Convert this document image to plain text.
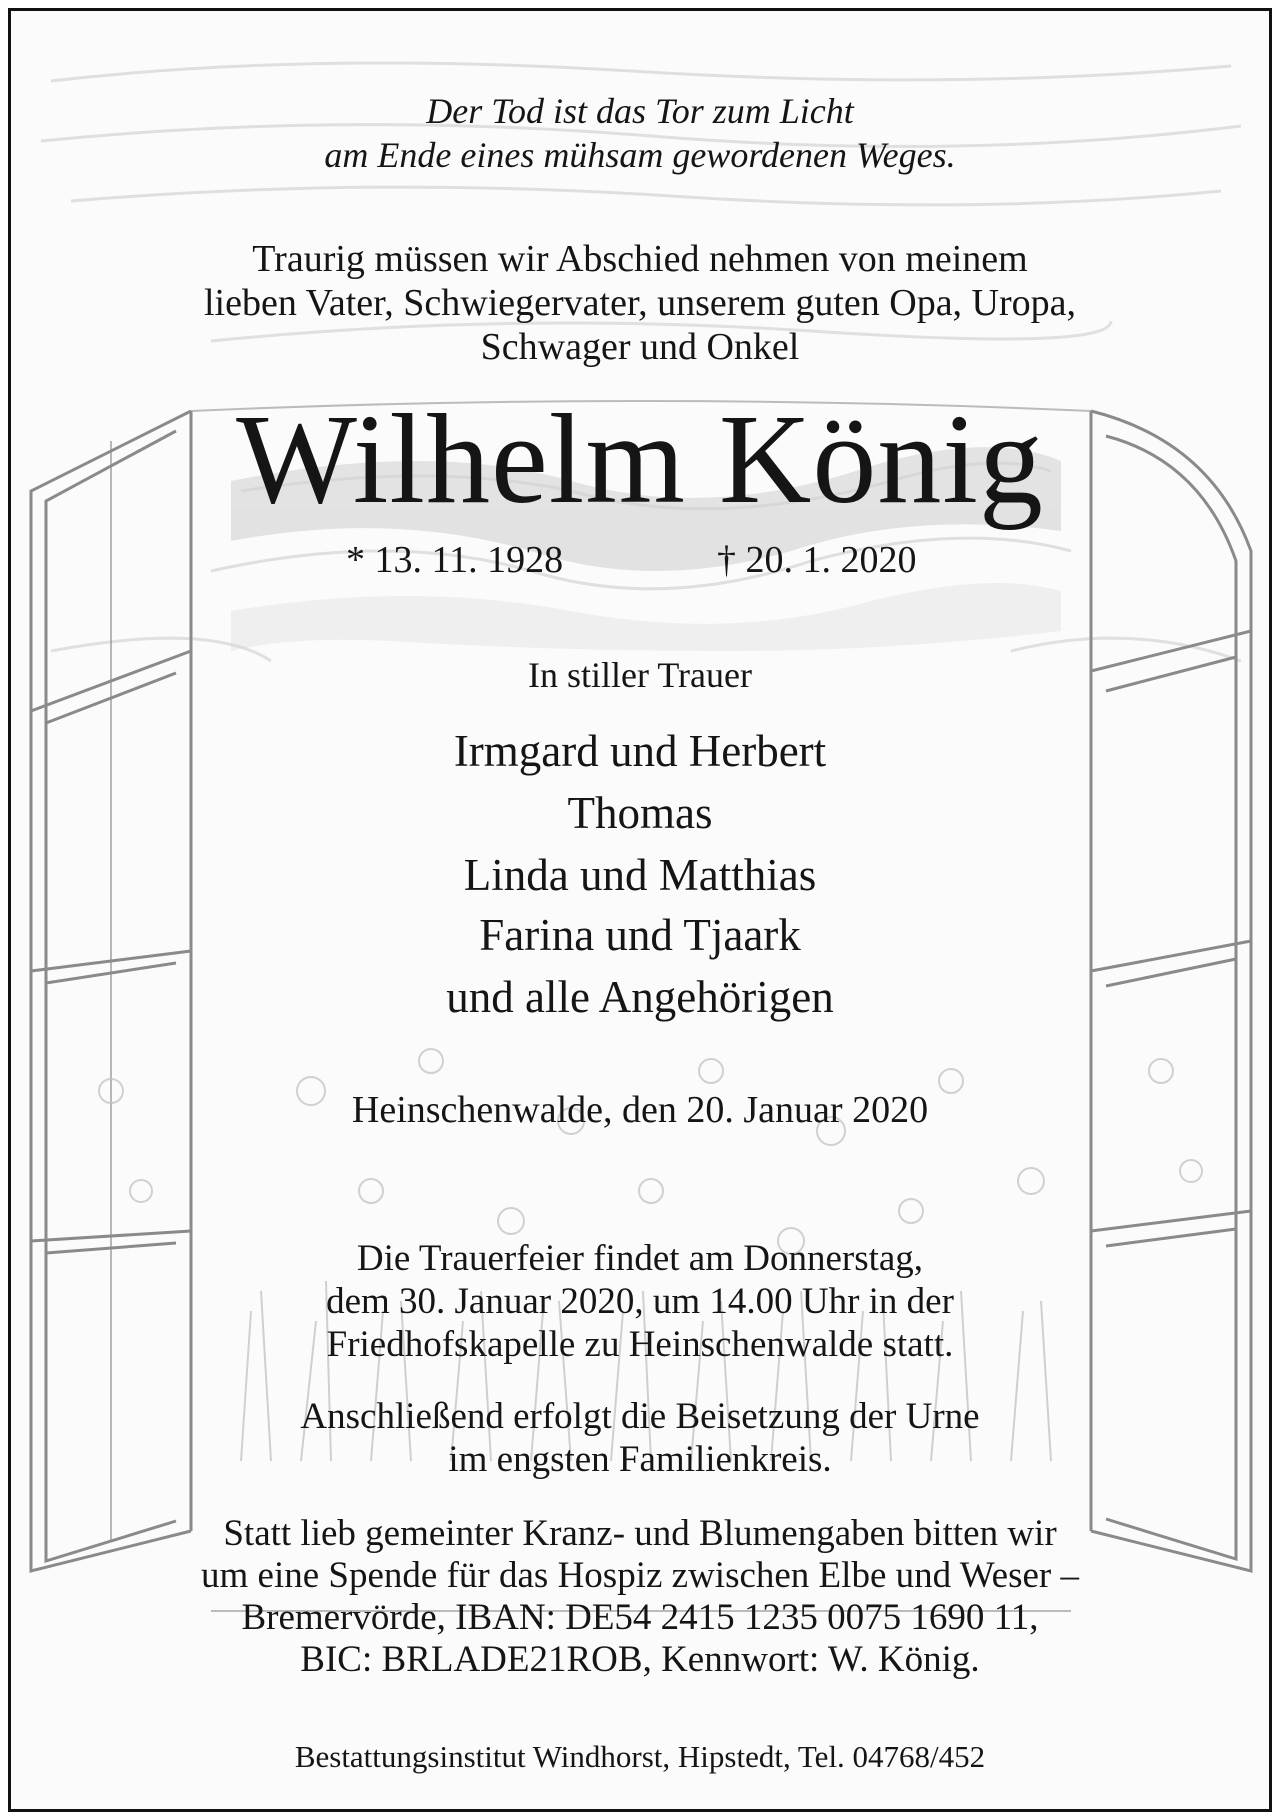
Der Tod ist das Tor zum Licht
am Ende eines mühsam gewordenen Weges.
Traurig müssen wir Abschied nehmen von meinem
lieben Vater, Schwiegervater, unserem guten Opa, Uropa,
Schwager und Onkel
Wilhelm König
* 13. 11. 1928	† 20. 1. 2020
In stiller Trauer
Irmgard und Herbert
Thomas
Linda und Matthias
Farina und Tjaark
und alle Angehörigen
Heinschenwalde, den 20. Januar 2020
Die Trauerfeier findet am Donnerstag,
dem 30. Januar 2020, um 14.00 Uhr in der
Friedhofskapelle zu Heinschenwalde statt.
Anschließend erfolgt die Beisetzung der Urne
im engsten Familienkreis.
Statt lieb gemeinter Kranz- und Blumengaben bitten wir
um eine Spende für das Hospiz zwischen Elbe und Weser –
Bremervörde, IBAN: DE54 2415 1235 0075 1690 11,
BIC: BRLADE21ROB, Kennwort: W. König.
Bestattungsinstitut Windhorst, Hipstedt, Tel. 04768/452
